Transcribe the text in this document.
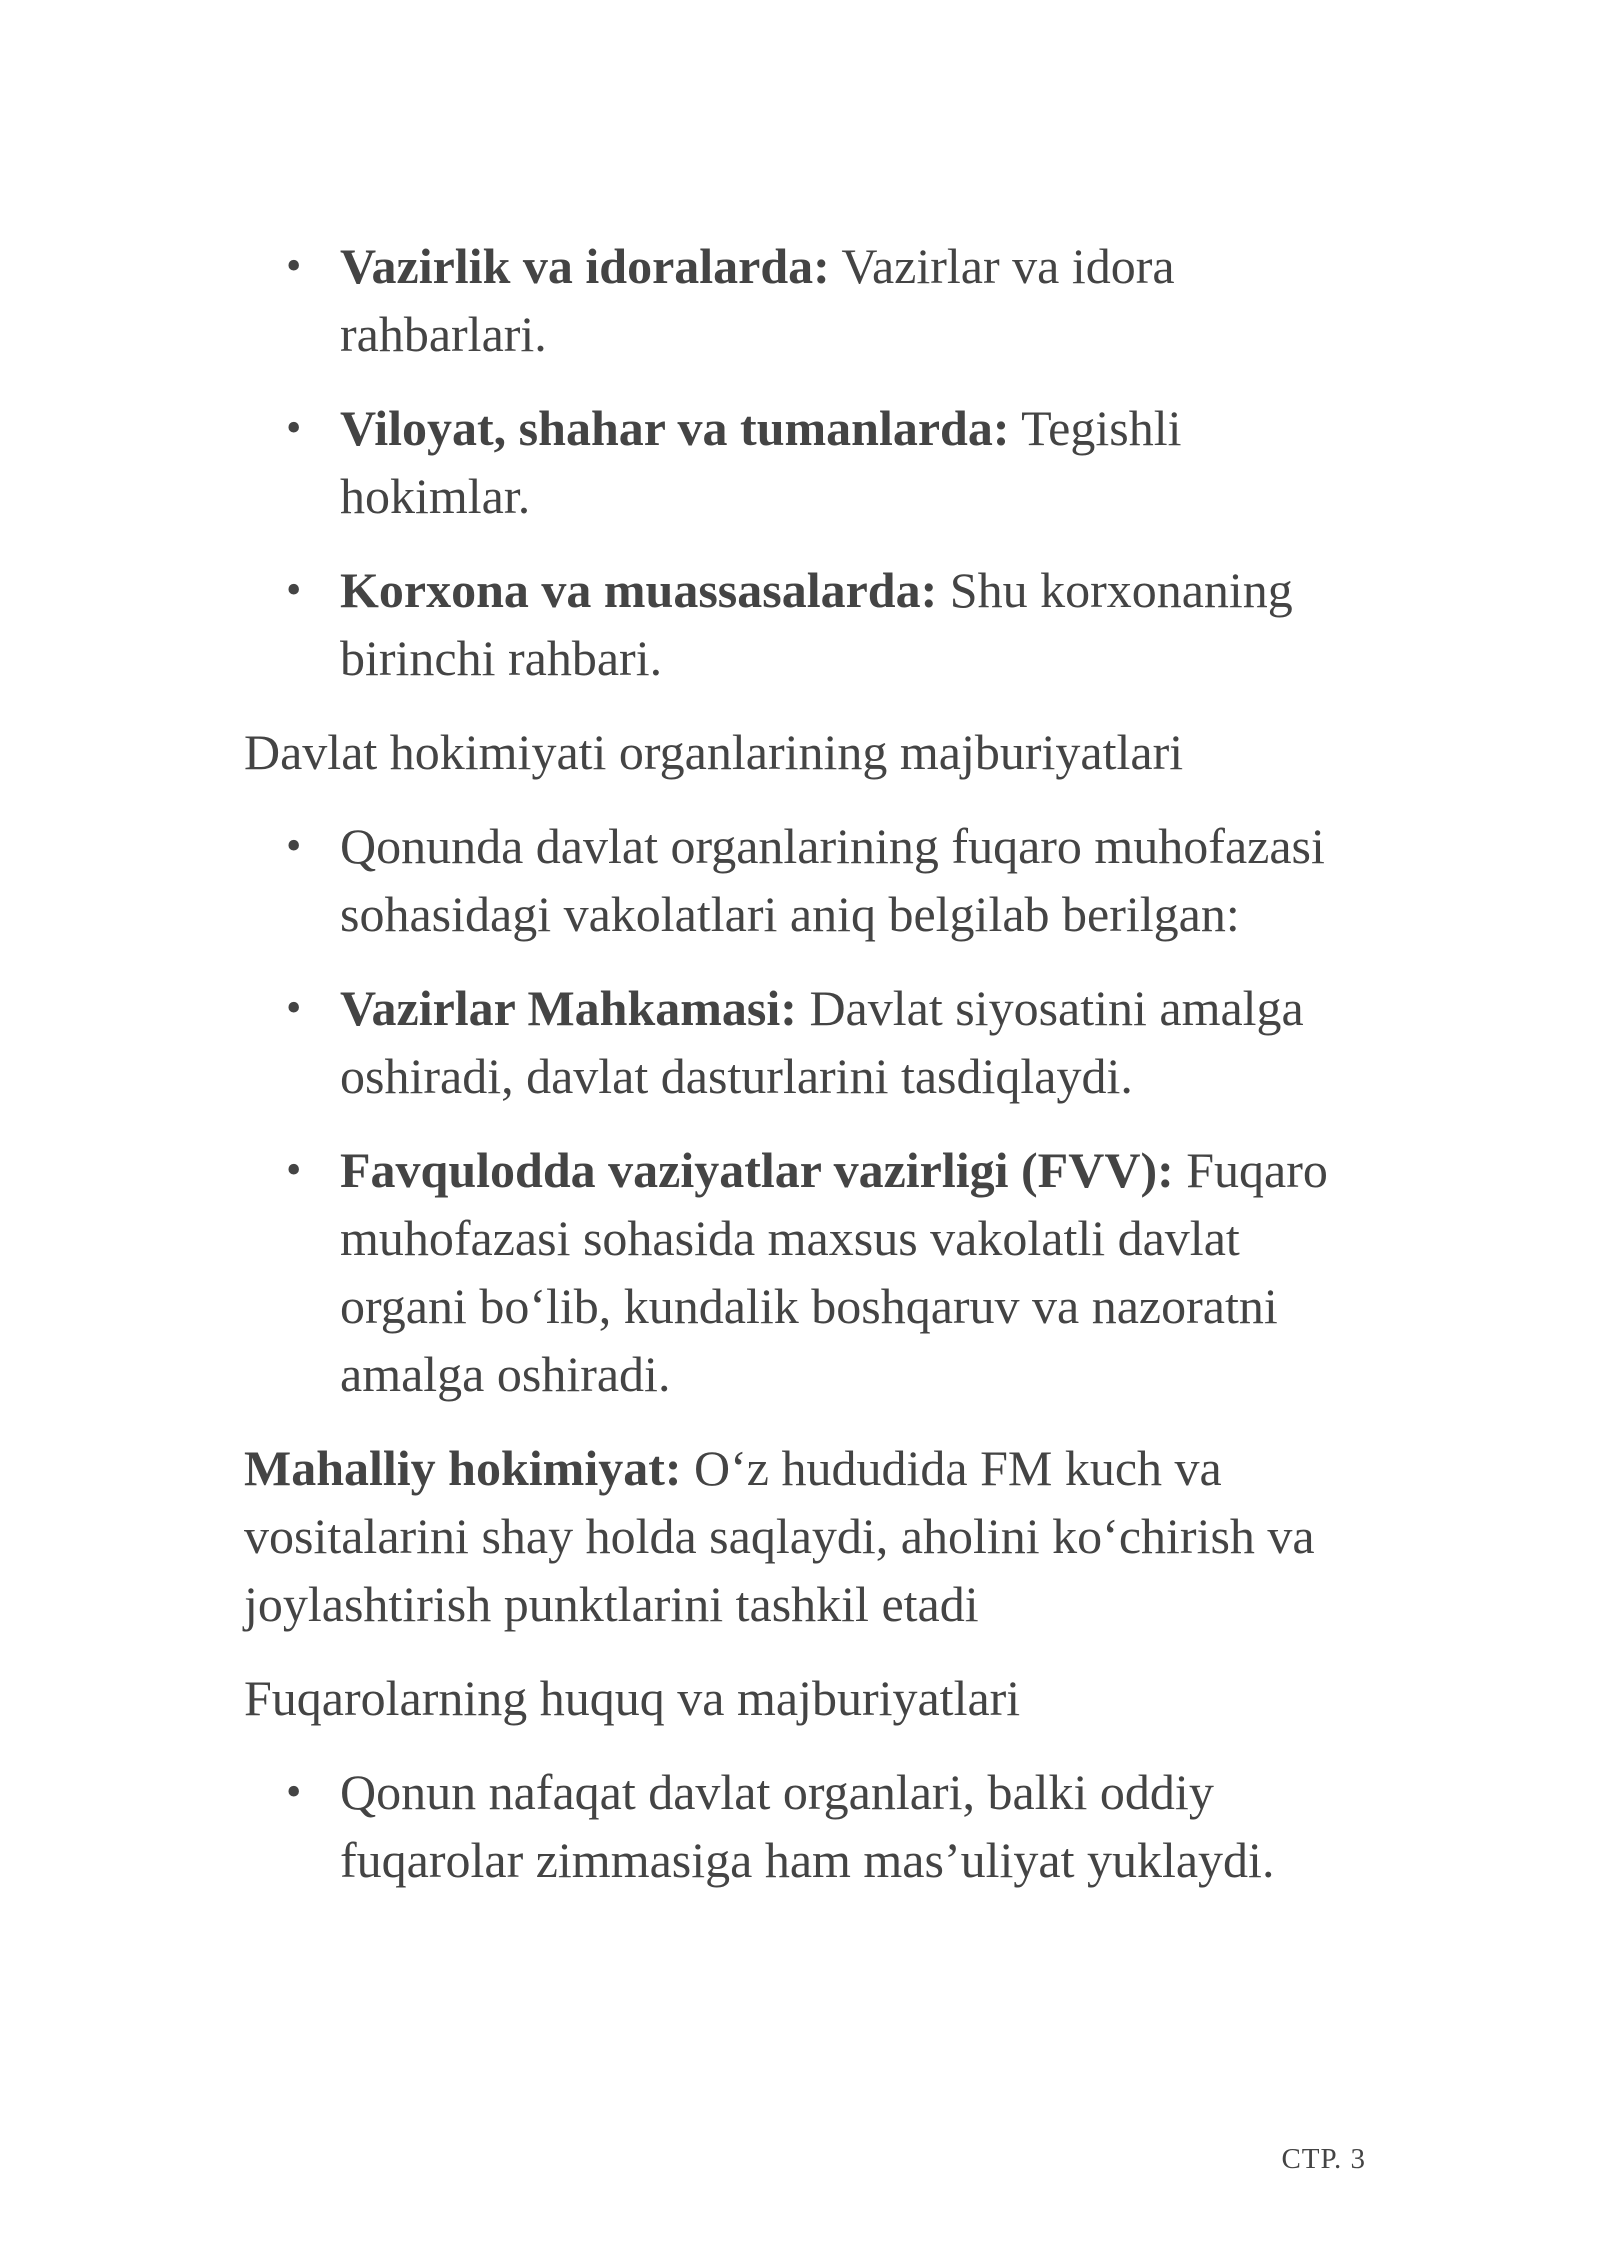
• Vazirlik va idoralarda: Vazirlar va idora rahbarlari.
• Viloyat, shahar va tumanlarda: Tegishli hokimlar.
• Korxona va muassasalarda: Shu korxonaning birinchi rahbari.

Davlat hokimiyati organlarining majburiyatlari

• Qonunda davlat organlarining fuqaro muhofazasi sohasidagi vakolatlari aniq belgilab berilgan:
• Vazirlar Mahkamasi: Davlat siyosatini amalga oshiradi, davlat dasturlarini tasdiqlaydi.
• Favqulodda vaziyatlar vazirligi (FVV): Fuqaro muhofazasi sohasida maxsus vakolatli davlat organi bo‘lib, kundalik boshqaruv va nazoratni amalga oshiradi.

Mahalliy hokimiyat: O‘z hududida FM kuch va vositalarini shay holda saqlaydi, aholini ko‘chirish va joylashtirish punktlarini tashkil etadi

Fuqarolarning huquq va majburiyatlari

• Qonun nafaqat davlat organlari, balki oddiy fuqarolar zimmasiga ham mas’uliyat yuklaydi.
СТР. 3
